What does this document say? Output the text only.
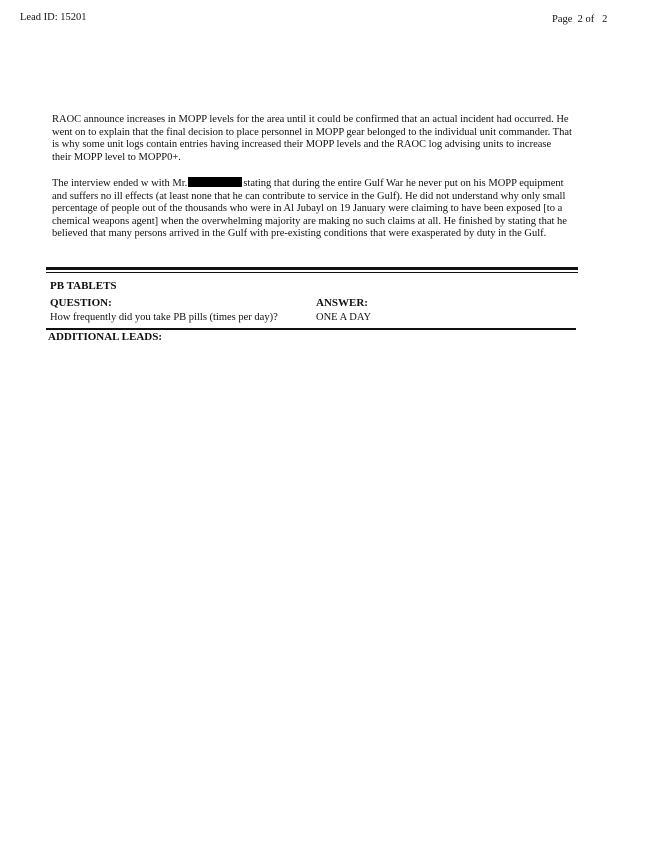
Lead ID: 15201	Page  2 of   2

RAOC announce increases in MOPP levels for the area until it could be confirmed that an actual incident had occurred. He went on to explain that the final decision to place personnel in MOPP gear belonged to the individual unit commander. That is why some unit logs contain entries having increased their MOPP levels and the RAOC log advising units to increase their MOPP level to MOPP0+.

The interview ended w with Mr.	stating that during the entire Gulf War he never put on his MOPP equipment and suffers no ill effects (at least none that he can contribute to service in the Gulf). He did not understand why only small percentage of people out of the thousands who were in Al Jubayl on 19 January were claiming to have been exposed [to a chemical weapons agent] when the overwhelming majority are making no such claims at all. He finished by stating that he believed that many persons arrived in the Gulf with pre-existing conditions that were exasperated by duty in the Gulf.

PB TABLETS
QUESTION:	ANSWER:
How frequently did you take PB pills (times per day)?	ONE A DAY
ADDITIONAL LEADS:
